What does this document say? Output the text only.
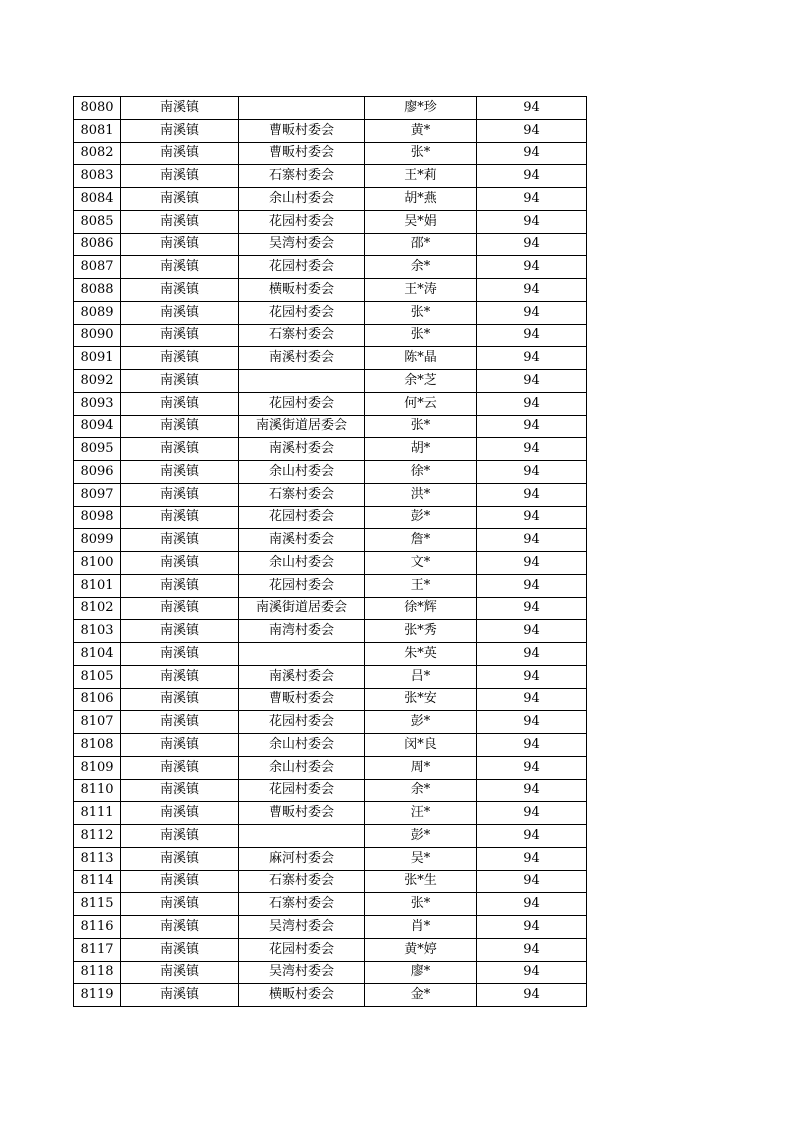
8080	南溪镇		廖*珍	94
8081	南溪镇	曹畈村委会	黄*	94
8082	南溪镇	曹畈村委会	张*	94
8083	南溪镇	石寨村委会	王*莉	94
8084	南溪镇	余山村委会	胡*燕	94
8085	南溪镇	花园村委会	吴*娟	94
8086	南溪镇	吴湾村委会	邵*	94
8087	南溪镇	花园村委会	余*	94
8088	南溪镇	横畈村委会	王*涛	94
8089	南溪镇	花园村委会	张*	94
8090	南溪镇	石寨村委会	张*	94
8091	南溪镇	南溪村委会	陈*晶	94
8092	南溪镇		余*芝	94
8093	南溪镇	花园村委会	何*云	94
8094	南溪镇	南溪街道居委会	张*	94
8095	南溪镇	南溪村委会	胡*	94
8096	南溪镇	余山村委会	徐*	94
8097	南溪镇	石寨村委会	洪*	94
8098	南溪镇	花园村委会	彭*	94
8099	南溪镇	南溪村委会	詹*	94
8100	南溪镇	余山村委会	文*	94
8101	南溪镇	花园村委会	王*	94
8102	南溪镇	南溪街道居委会	徐*辉	94
8103	南溪镇	南湾村委会	张*秀	94
8104	南溪镇		朱*英	94
8105	南溪镇	南溪村委会	吕*	94
8106	南溪镇	曹畈村委会	张*安	94
8107	南溪镇	花园村委会	彭*	94
8108	南溪镇	余山村委会	闵*良	94
8109	南溪镇	余山村委会	周*	94
8110	南溪镇	花园村委会	余*	94
8111	南溪镇	曹畈村委会	汪*	94
8112	南溪镇		彭*	94
8113	南溪镇	麻河村委会	吴*	94
8114	南溪镇	石寨村委会	张*生	94
8115	南溪镇	石寨村委会	张*	94
8116	南溪镇	吴湾村委会	肖*	94
8117	南溪镇	花园村委会	黄*婷	94
8118	南溪镇	吴湾村委会	廖*	94
8119	南溪镇	横畈村委会	金*	94
